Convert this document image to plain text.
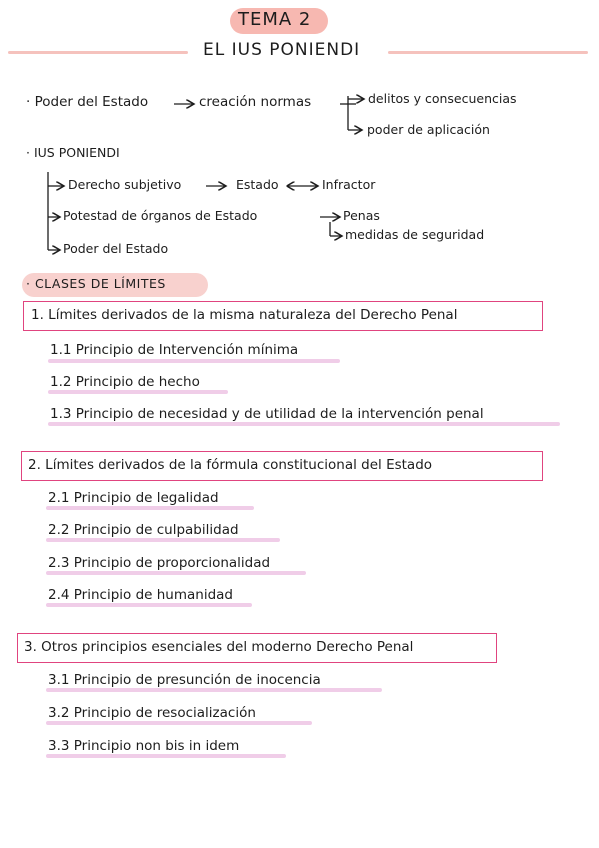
TEMA 2
EL IUS PONIENDI
· Poder del Estado	creación normas	delitos y consecuencias
poder de aplicación
· IUS PONIENDI
Derecho subjetivo	Estado	Infractor
Potestad de órganos de Estado	Penas
medidas de seguridad
Poder del Estado
· CLASES DE LÍMITES
1. Límites derivados de la misma naturaleza del Derecho Penal
1.1 Principio de Intervención mínima
1.2 Principio de hecho
1.3 Principio de necesidad y de utilidad de la intervención penal
2. Límites derivados de la fórmula constitucional del Estado
2.1 Principio de legalidad
2.2 Principio de culpabilidad
2.3 Principio de proporcionalidad
2.4 Principio de humanidad
3. Otros principios esenciales del moderno Derecho Penal
3.1 Principio de presunción de inocencia
3.2 Principio de resocialización
3.3 Principio non bis in idem
